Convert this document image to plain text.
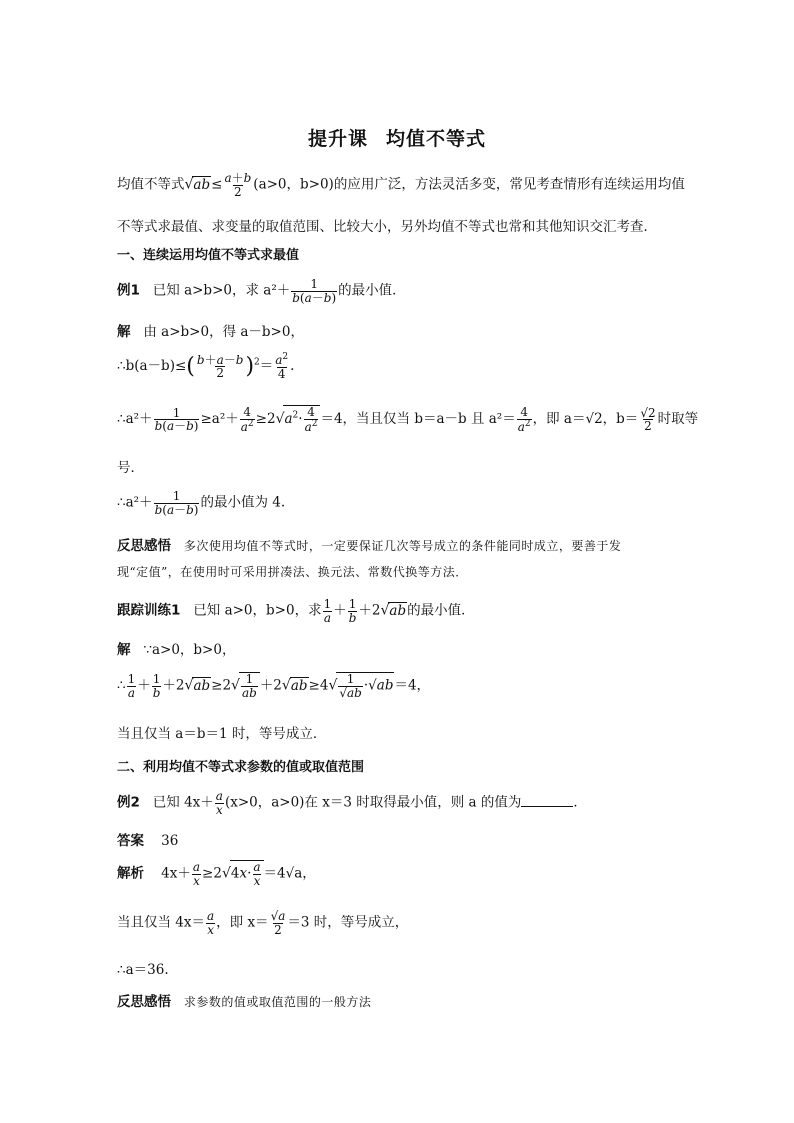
提升课 均值不等式
均值不等式$√ab\le \frac{a+b}{2} (a>0$，b>0)的应用广泛，方法灵活多变，常见考查情形有连续运用均值
不等式求最值、求变量的取值范围、比较大小，另外均值不等式也常和其他知识交汇考查．
一、连续运用均值不等式求最值
例1 已知 a>b>0，求 $a^2+ \frac{1}{b(a-b)}$ 的最小值．
解 由 a>b>0，得 a－b>0，
∴b(a－b)≤( $\frac{b+a-b}{2} )^2= \frac{a^2}{4}$ .
∴a²＋ $\frac{1}{b(a-b)} \ge a^2+ \frac{4}{a^2} \ge 2√a^2\cdot \frac{4}{a^2} =4$，当且仅当 b＝a－b 且 $a^2= \frac{4}{a^2}$ ，即 a＝√2，$b= \frac{√2}{2}$ 时取等
号．
∴a²＋ $\frac{1}{b(a-b)}$ 的最小值为 4.
反思感悟 多次使用均值不等式时，一定要保证几次等号成立的条件能同时成立，要善于发
现“定值”，在使用时可采用拼凑法、换元法、常数代换等方法．
跟踪训练1 已知 a>0，b>0，求 $\frac{1}{a} + \frac{1}{b} +2√ab$的最小值．
解 ∵a>0，b>0，
∴ $\frac{1}{a} + \frac{1}{b} +2√ab\ge 2√ \frac{1}{ab} +2√ab\ge 4√ \frac{1}{√ab} \cdot√ab=4$，
当且仅当 a＝b＝1 时，等号成立．
二、利用均值不等式求参数的值或取值范围
例2 已知 $4x+ \frac{a}{x} (x>0$，a>0)在 x＝3 时取得最小值，则 a 的值为	．
答案 36
解析 $4x+ \frac{a}{x} \ge 2√4x\cdot \frac{a}{x} =4√a$，
当且仅当 $4x= \frac{a}{x}$ ，即 $x= \frac{√a}{2} =3$ 时，等号成立，
∴a＝36.
反思感悟 求参数的值或取值范围的一般方法
